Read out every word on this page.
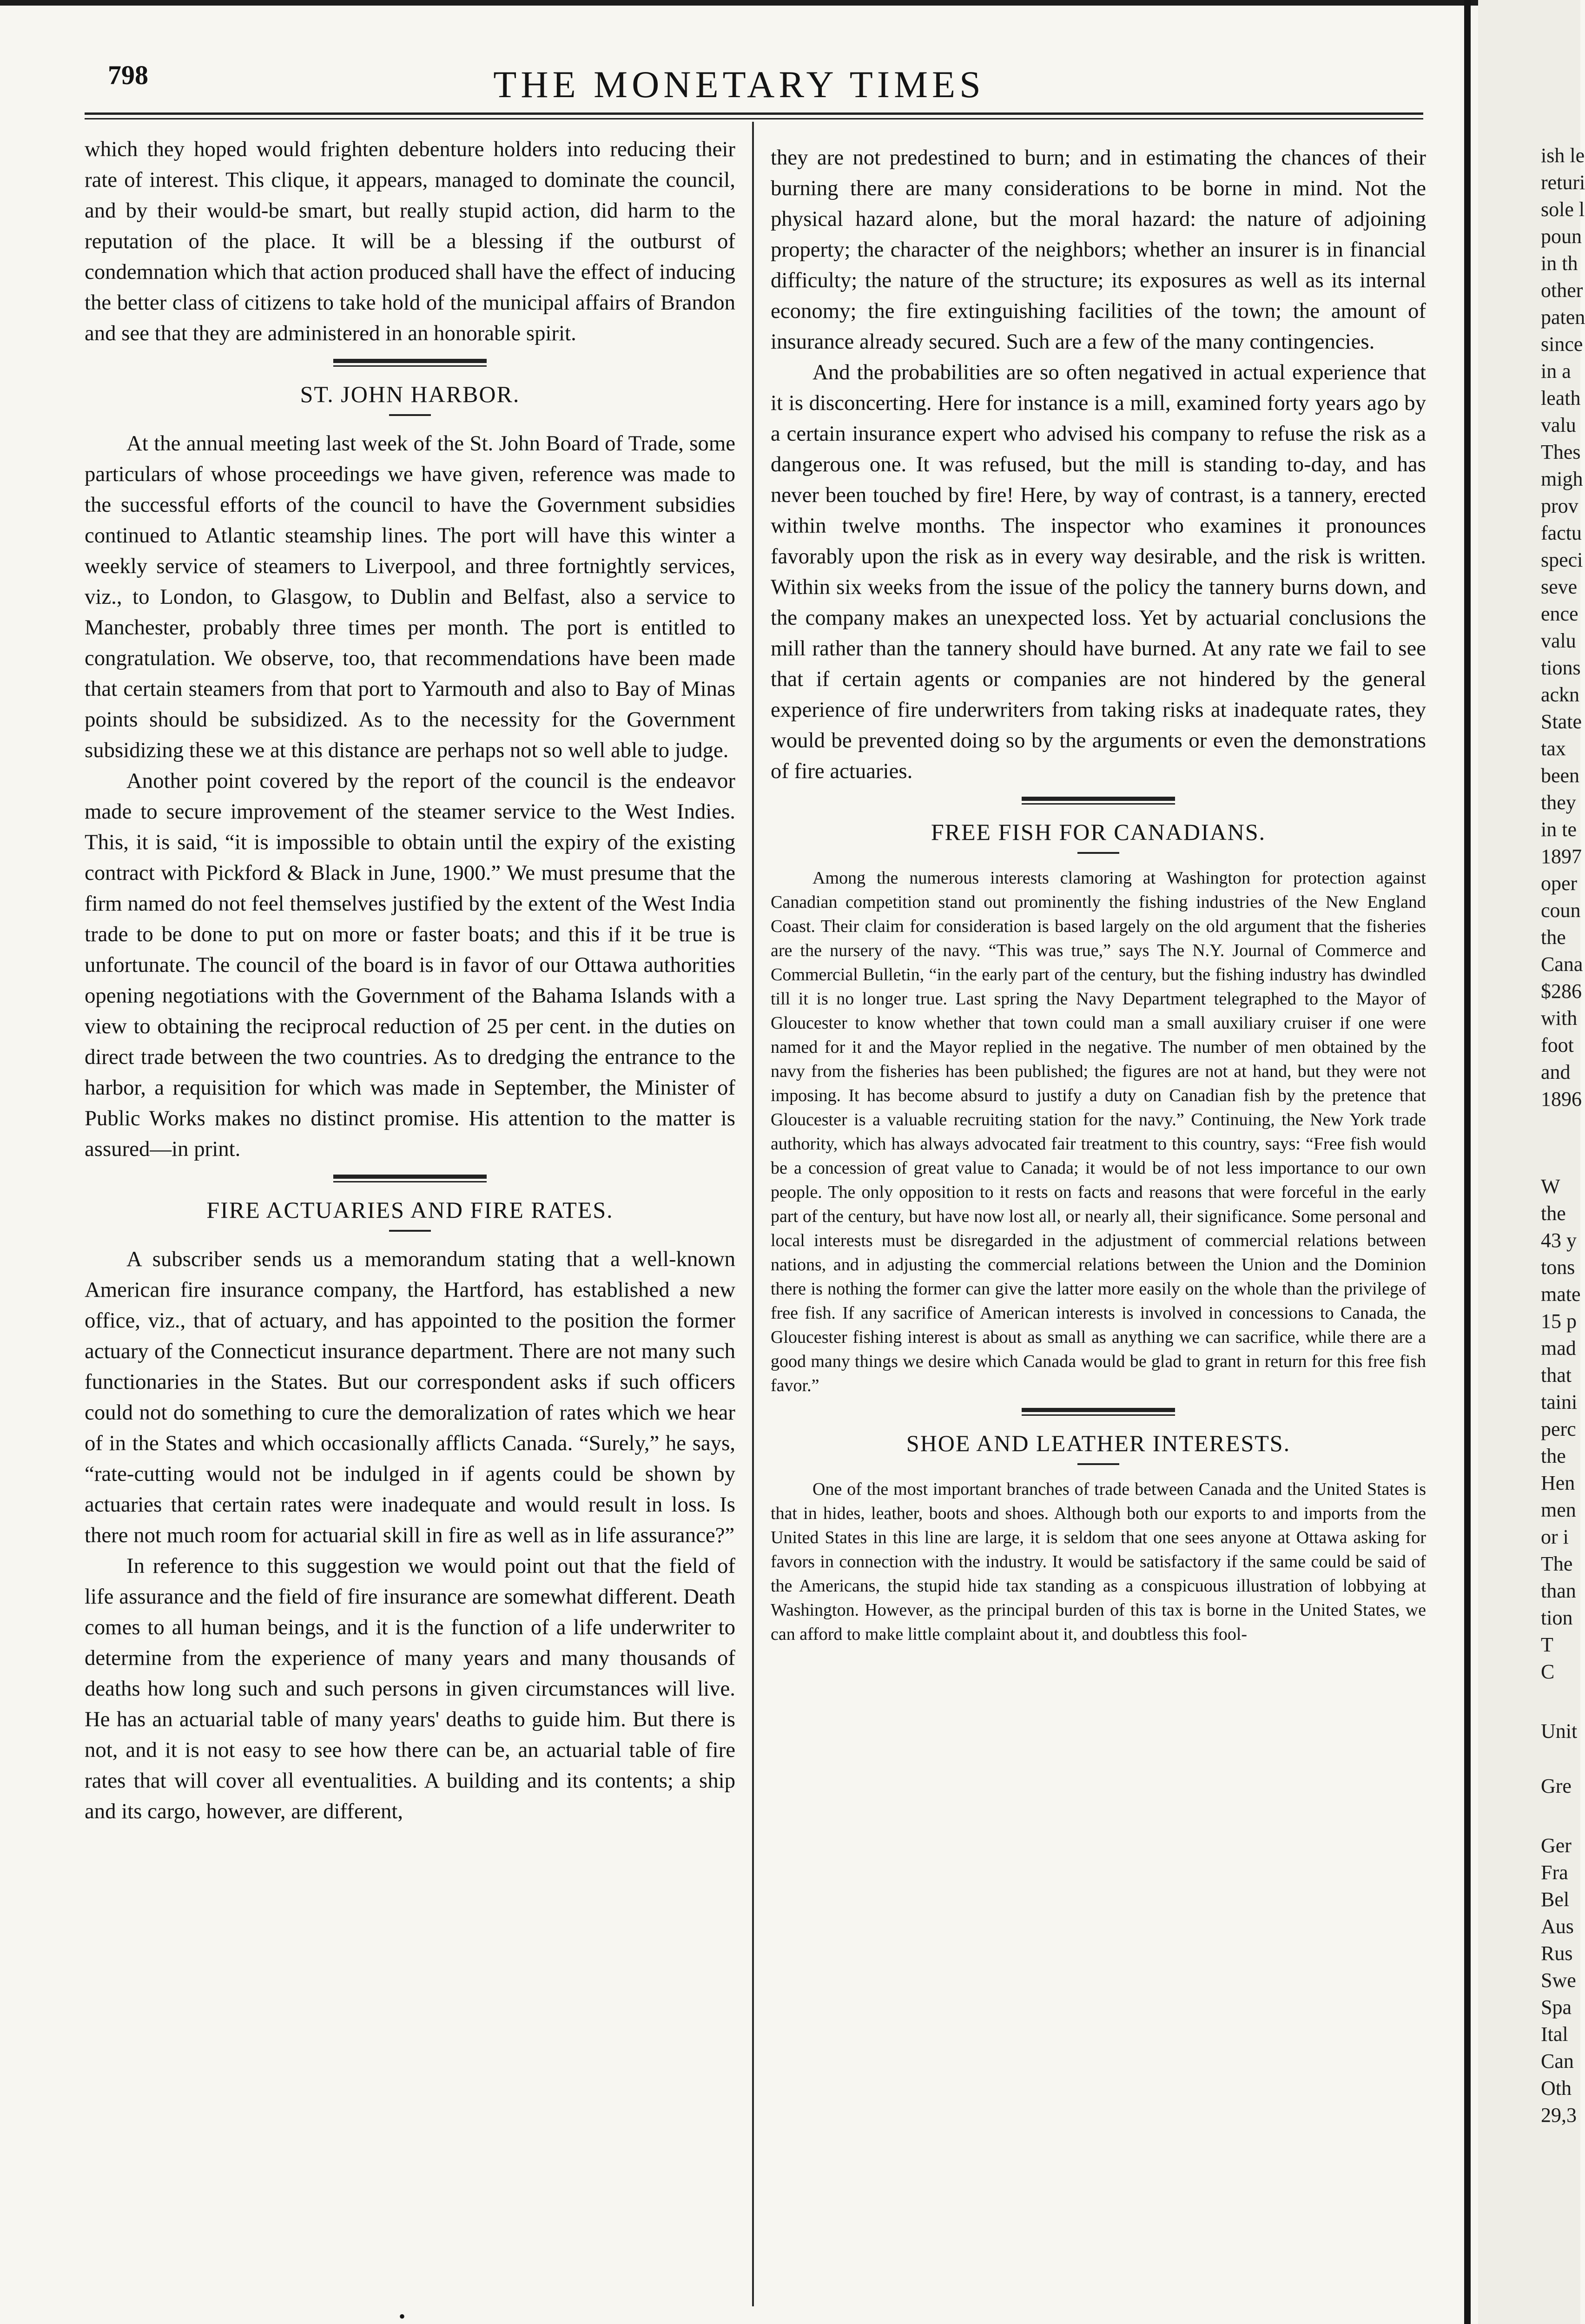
798	THE MONETARY TIMES

which they hoped would frighten debenture holders into reducing their rate of interest. This clique, it appears, managed to dominate the council, and by their would-be smart, but really stupid action, did harm to the reputation of the place. It will be a blessing if the outburst of condemnation which that action produced shall have the effect of inducing the better class of citizens to take hold of the municipal affairs of Brandon and see that they are administered in an honorable spirit.

ST. JOHN HARBOR.

At the annual meeting last week of the St. John Board of Trade, some particulars of whose proceedings we have given, reference was made to the successful efforts of the council to have the Government subsidies continued to Atlantic steamship lines. The port will have this winter a weekly service of steamers to Liverpool, and three fortnightly services, viz., to London, to Glasgow, to Dublin and Belfast, also a service to Manchester, probably three times per month. The port is entitled to congratulation. We observe, too, that recommendations have been made that certain steamers from that port to Yarmouth and also to Bay of Minas points should be subsidized. As to the necessity for the Government subsidizing these we at this distance are perhaps not so well able to judge.

Another point covered by the report of the council is the endeavor made to secure improvement of the steamer service to the West Indies. This, it is said, “it is impossible to obtain until the expiry of the existing contract with Pickford & Black in June, 1900.” We must presume that the firm named do not feel themselves justified by the extent of the West India trade to be done to put on more or faster boats; and this if it be true is unfortunate. The council of the board is in favor of our Ottawa authorities opening negotiations with the Government of the Bahama Islands with a view to obtaining the reciprocal reduction of 25 per cent. in the duties on direct trade between the two countries. As to dredging the entrance to the harbor, a requisition for which was made in September, the Minister of Public Works makes no distinct promise. His attention to the matter is assured—in print.

FIRE ACTUARIES AND FIRE RATES.

A subscriber sends us a memorandum stating that a well-known American fire insurance company, the Hartford, has established a new office, viz., that of actuary, and has appointed to the position the former actuary of the Connecticut insurance department. There are not many such functionaries in the States. But our correspondent asks if such officers could not do something to cure the demoralization of rates which we hear of in the States and which occasionally afflicts Canada. “Surely,” he says, “rate-cutting would not be indulged in if agents could be shown by actuaries that certain rates were inadequate and would result in loss. Is there not much room for actuarial skill in fire as well as in life assurance?”

In reference to this suggestion we would point out that the field of life assurance and the field of fire insurance are somewhat different. Death comes to all human beings, and it is the function of a life underwriter to determine from the experience of many years and many thousands of deaths how long such and such persons in given circumstances will live. He has an actuarial table of many years' deaths to guide him. But there is not, and it is not easy to see how there can be, an actuarial table of fire rates that will cover all eventualities. A building and its contents; a ship and its cargo, however, are different,

they are not predestined to burn; and in estimating the chances of their burning there are many considerations to be borne in mind. Not the physical hazard alone, but the moral hazard: the nature of adjoining property; the character of the neighbors; whether an insurer is in financial difficulty; the nature of the structure; its exposures as well as its internal economy; the fire extinguishing facilities of the town; the amount of insurance already secured. Such are a few of the many contingencies.

And the probabilities are so often negatived in actual experience that it is disconcerting. Here for instance is a mill, examined forty years ago by a certain insurance expert who advised his company to refuse the risk as a dangerous one. It was refused, but the mill is standing to-day, and has never been touched by fire! Here, by way of contrast, is a tannery, erected within twelve months. The inspector who examines it pronounces favorably upon the risk as in every way desirable, and the risk is written. Within six weeks from the issue of the policy the tannery burns down, and the company makes an unexpected loss. Yet by actuarial conclusions the mill rather than the tannery should have burned. At any rate we fail to see that if certain agents or companies are not hindered by the general experience of fire underwriters from taking risks at inadequate rates, they would be prevented doing so by the arguments or even the demonstrations of fire actuaries.

FREE FISH FOR CANADIANS.

Among the numerous interests clamoring at Washington for protection against Canadian competition stand out prominently the fishing industries of the New England Coast. Their claim for consideration is based largely on the old argument that the fisheries are the nursery of the navy. “This was true,” says The N.Y. Journal of Commerce and Commercial Bulletin, “in the early part of the century, but the fishing industry has dwindled till it is no longer true. Last spring the Navy Department telegraphed to the Mayor of Gloucester to know whether that town could man a small auxiliary cruiser if one were named for it and the Mayor replied in the negative. The number of men obtained by the navy from the fisheries has been published; the figures are not at hand, but they were not imposing. It has become absurd to justify a duty on Canadian fish by the pretence that Gloucester is a valuable recruiting station for the navy.” Continuing, the New York trade authority, which has always advocated fair treatment to this country, says: “Free fish would be a concession of great value to Canada; it would be of not less importance to our own people. The only opposition to it rests on facts and reasons that were forceful in the early part of the century, but have now lost all, or nearly all, their significance. Some personal and local interests must be disregarded in the adjustment of commercial relations between nations, and in adjusting the commercial relations between the Union and the Dominion there is nothing the former can give the latter more easily on the whole than the privilege of free fish. If any sacrifice of American interests is involved in concessions to Canada, the Gloucester fishing interest is about as small as anything we can sacrifice, while there are a good many things we desire which Canada would be glad to grant in return for this free fish favor.”

SHOE AND LEATHER INTERESTS.

One of the most important branches of trade between Canada and the United States is that in hides, leather, boots and shoes. Although both our exports to and imports from the United States in this line are large, it is seldom that one sees anyone at Ottawa asking for favors in connection with the industry. It would be satisfactory if the same could be said of the Americans, the stupid hide tax standing as a conspicuous illustration of lobbying at Washington. However, as the principal burden of this tax is borne in the United States, we can afford to make little complaint about it, and doubtless this fool-

ish le
returi
sole l
poun
in th
other
paten
since
in a
leath
valu
Thes
migh
prov
factu
speci
seve
ence
valu
tions
ackn
State
tax
been
they
in te
1897
oper
coun
the
Cana
$286
with
foot
and
1896
W
the
43 y
tons
mate
15 p
mad
that
taini
perc
the
Hen
men
or i
The
than
tion
T
C
Unit
Gre
Ger
Fra
Bel
Aus
Rus
Swe
Spa
Ital
Can
Oth
29,3
•
